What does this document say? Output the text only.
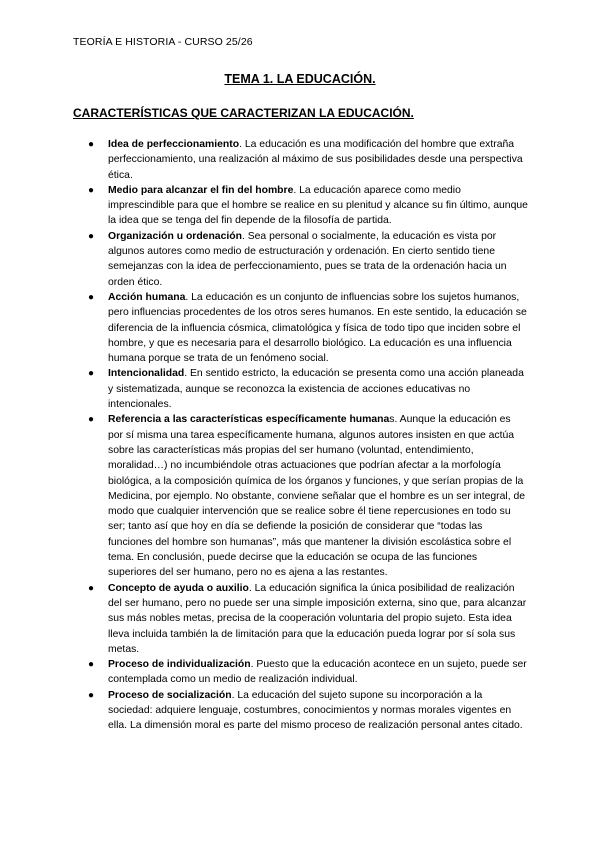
TEORÍA E HISTORIA - CURSO 25/26
TEMA 1. LA EDUCACIÓN.
CARACTERÍSTICAS QUE CARACTERIZAN LA EDUCACIÓN.
● Idea de perfeccionamiento. La educación es una modificación del hombre que extraña perfeccionamiento, una realización al máximo de sus posibilidades desde una perspectiva ética.
● Medio para alcanzar el fin del hombre. La educación aparece como medio imprescindible para que el hombre se realice en su plenitud y alcance su fin último, aunque la idea que se tenga del fin depende de la filosofía de partida.
● Organización u ordenación. Sea personal o socialmente, la educación es vista por algunos autores como medio de estructuración y ordenación. En cierto sentido tiene semejanzas con la idea de perfeccionamiento, pues se trata de la ordenación hacia un orden ético.
● Acción humana. La educación es un conjunto de influencias sobre los sujetos humanos, pero influencias procedentes de los otros seres humanos. En este sentido, la educación se diferencia de la influencia cósmica, climatológica y física de todo tipo que inciden sobre el hombre, y que es necesaria para el desarrollo biológico. La educación es una influencia humana porque se trata de un fenómeno social.
● Intencionalidad. En sentido estricto, la educación se presenta como una acción planeada y sistematizada, aunque se reconozca la existencia de acciones educativas no intencionales.
● Referencia a las características específicamente humanas. Aunque la educación es por sí misma una tarea específicamente humana, algunos autores insisten en que actúa sobre las características más propias del ser humano (voluntad, entendimiento, moralidad…) no incumbiéndole otras actuaciones que podrían afectar a la morfología biológica, a la composición química de los órganos y funciones, y que serían propias de la Medicina, por ejemplo. No obstante, conviene señalar que el hombre es un ser integral, de modo que cualquier intervención que se realice sobre él tiene repercusiones en todo su ser; tanto así que hoy en día se defiende la posición de considerar que “todas las funciones del hombre son humanas”, más que mantener la división escolástica sobre el tema. En conclusión, puede decirse que la educación se ocupa de las funciones superiores del ser humano, pero no es ajena a las restantes.
● Concepto de ayuda o auxilio. La educación significa la única posibilidad de realización del ser humano, pero no puede ser una simple imposición externa, sino que, para alcanzar sus más nobles metas, precisa de la cooperación voluntaria del propio sujeto. Esta idea lleva incluida también la de limitación para que la educación pueda lograr por sí sola sus metas.
● Proceso de individualización. Puesto que la educación acontece en un sujeto, puede ser contemplada como un medio de realización individual.
● Proceso de socialización. La educación del sujeto supone su incorporación a la sociedad: adquiere lenguaje, costumbres, conocimientos y normas morales vigentes en ella. La dimensión moral es parte del mismo proceso de realización personal antes citado.
